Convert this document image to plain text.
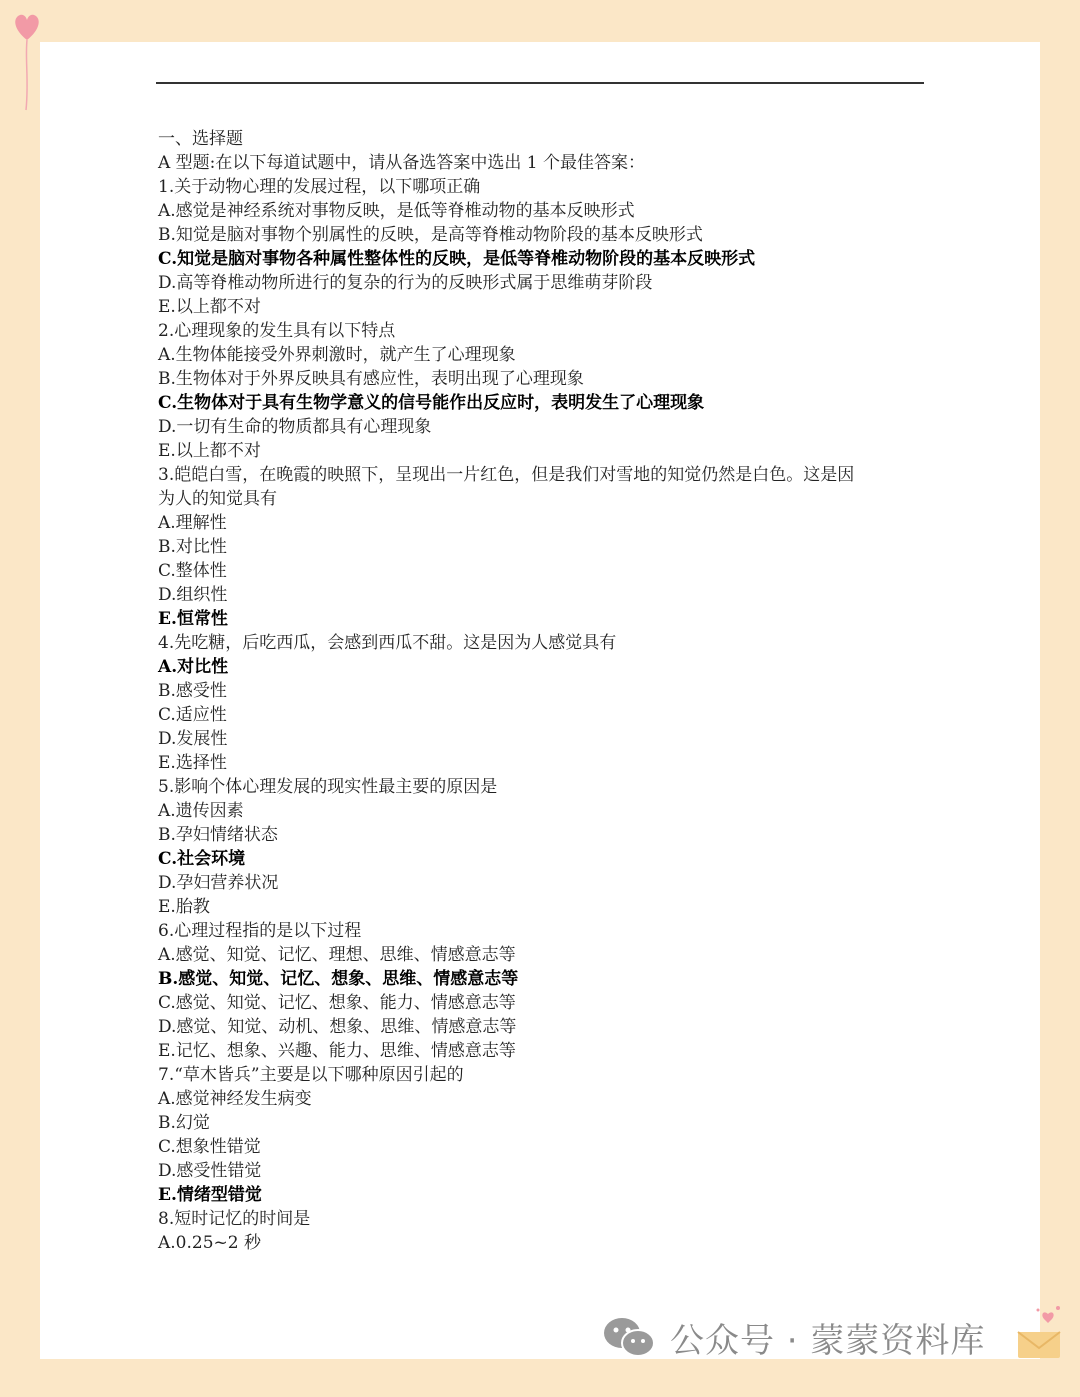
一、选择题
A 型题:在以下每道试题中，请从备选答案中选出 1 个最佳答案：
1.关于动物心理的发展过程，以下哪项正确
A.感觉是神经系统对事物反映，是低等脊椎动物的基本反映形式
B.知觉是脑对事物个别属性的反映，是高等脊椎动物阶段的基本反映形式
C.知觉是脑对事物各种属性整体性的反映，是低等脊椎动物阶段的基本反映形式
D.高等脊椎动物所进行的复杂的行为的反映形式属于思维萌芽阶段
E.以上都不对
2.心理现象的发生具有以下特点
A.生物体能接受外界刺激时，就产生了心理现象
B.生物体对于外界反映具有感应性，表明出现了心理现象
C.生物体对于具有生物学意义的信号能作出反应时，表明发生了心理现象
D.一切有生命的物质都具有心理现象
E.以上都不对
3.皑皑白雪，在晚霞的映照下，呈现出一片红色，但是我们对雪地的知觉仍然是白色。这是因
为人的知觉具有
A.理解性
B.对比性
C.整体性
D.组织性
E.恒常性
4.先吃糖，后吃西瓜，会感到西瓜不甜。这是因为人感觉具有
A.对比性
B.感受性
C.适应性
D.发展性
E.选择性
5.影响个体心理发展的现实性最主要的原因是
A.遗传因素
B.孕妇情绪状态
C.社会环境
D.孕妇营养状况
E.胎教
6.心理过程指的是以下过程
A.感觉、知觉、记忆、理想、思维、情感意志等
B.感觉、知觉、记忆、想象、思维、情感意志等
C.感觉、知觉、记忆、想象、能力、情感意志等
D.感觉、知觉、动机、想象、思维、情感意志等
E.记忆、想象、兴趣、能力、思维、情感意志等
7.“草木皆兵”主要是以下哪种原因引起的
A.感觉神经发生病变
B.幻觉
C.想象性错觉
D.感受性错觉
E.情绪型错觉
8.短时记忆的时间是
A.0.25~2 秒
公众号 · 蒙蒙资料库
